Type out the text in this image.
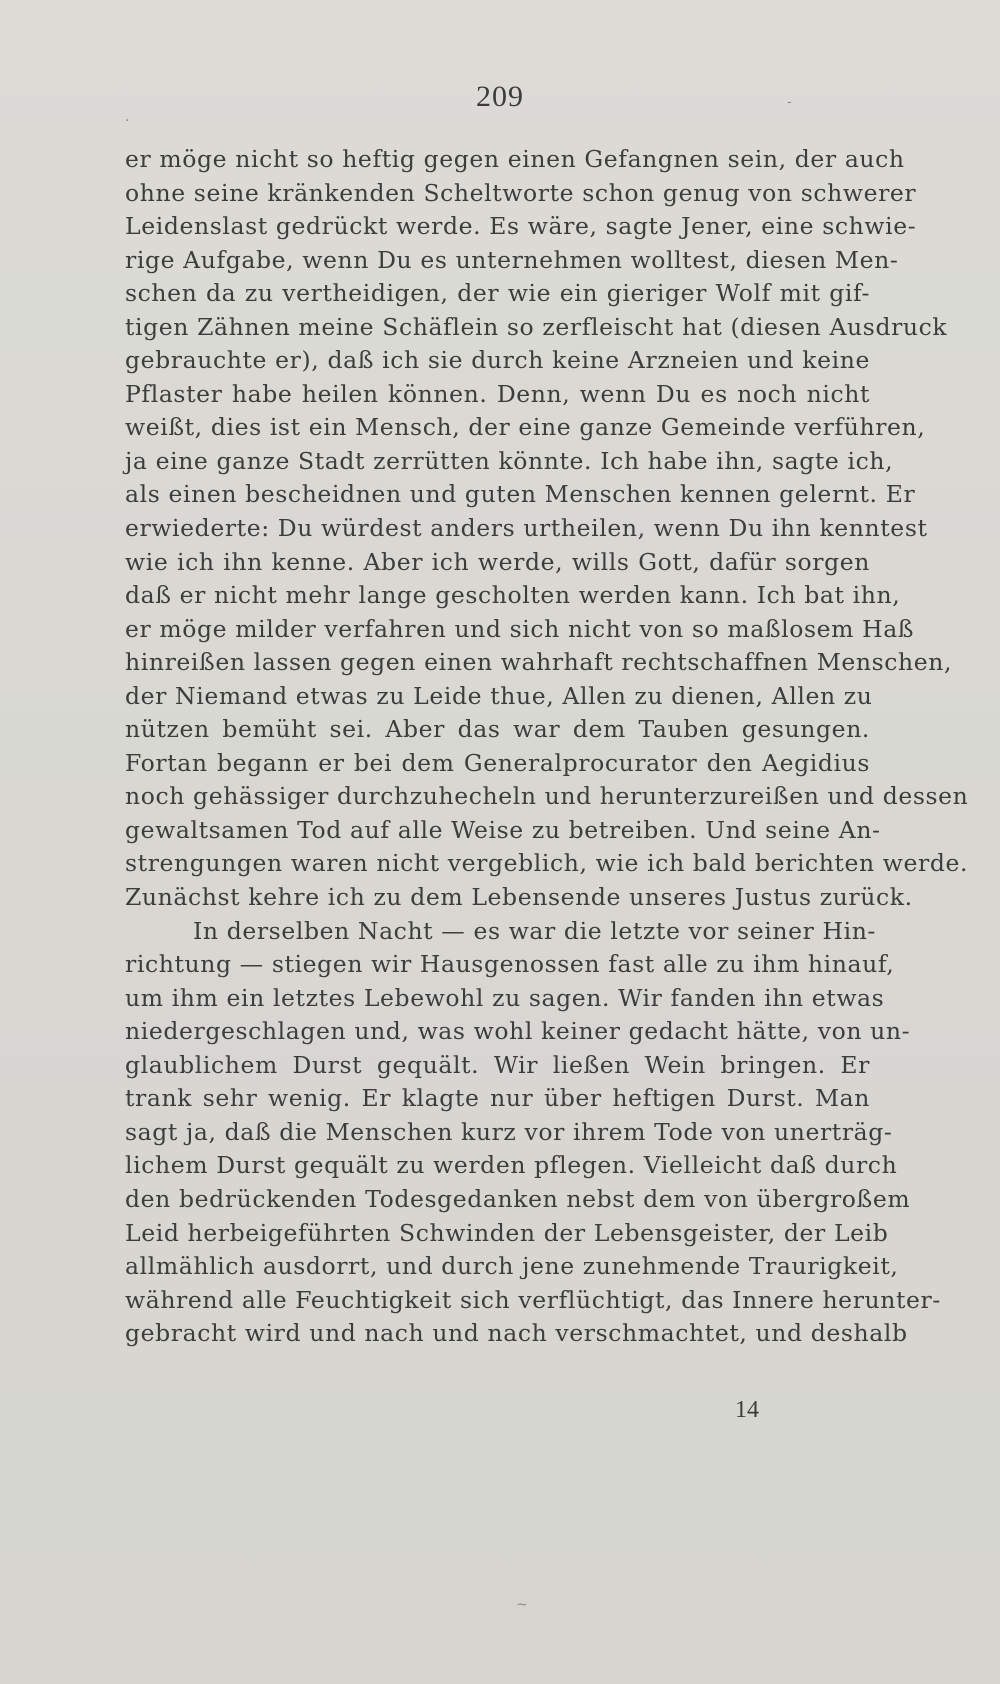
209
er möge nicht so heftig gegen einen Gefangnen sein, der auch
ohne seine kränkenden Scheltworte schon genug von schwerer
Leidenslast gedrückt werde. Es wäre, sagte Jener, eine schwie-
rige Aufgabe, wenn Du es unternehmen wolltest, diesen Men-
schen da zu vertheidigen, der wie ein gieriger Wolf mit gif-
tigen Zähnen meine Schäflein so zerfleischt hat (diesen Ausdruck
gebrauchte er), daß ich sie durch keine Arzneien und keine
Pflaster habe heilen können. Denn, wenn Du es noch nicht
weißt, dies ist ein Mensch, der eine ganze Gemeinde verführen,
ja eine ganze Stadt zerrütten könnte. Ich habe ihn, sagte ich,
als einen bescheidnen und guten Menschen kennen gelernt. Er
erwiederte: Du würdest anders urtheilen, wenn Du ihn kenntest
wie ich ihn kenne. Aber ich werde, wills Gott, dafür sorgen
daß er nicht mehr lange gescholten werden kann. Ich bat ihn,
er möge milder verfahren und sich nicht von so maßlosem Haß
hinreißen lassen gegen einen wahrhaft rechtschaffnen Menschen,
der Niemand etwas zu Leide thue, Allen zu dienen, Allen zu
nützen bemüht sei. Aber das war dem Tauben gesungen.
Fortan begann er bei dem Generalprocurator den Aegidius
noch gehässiger durchzuhecheln und herunterzureißen und dessen
gewaltsamen Tod auf alle Weise zu betreiben. Und seine An-
strengungen waren nicht vergeblich, wie ich bald berichten werde.
Zunächst kehre ich zu dem Lebensende unseres Justus zurück.
In derselben Nacht — es war die letzte vor seiner Hin-
richtung — stiegen wir Hausgenossen fast alle zu ihm hinauf,
um ihm ein letztes Lebewohl zu sagen. Wir fanden ihn etwas
niedergeschlagen und, was wohl keiner gedacht hätte, von un-
glaublichem Durst gequält. Wir ließen Wein bringen. Er
trank sehr wenig. Er klagte nur über heftigen Durst. Man
sagt ja, daß die Menschen kurz vor ihrem Tode von unerträg-
lichem Durst gequält zu werden pflegen. Vielleicht daß durch
den bedrückenden Todesgedanken nebst dem von übergroßem
Leid herbeigeführten Schwinden der Lebensgeister, der Leib
allmählich ausdorrt, und durch jene zunehmende Traurigkeit,
während alle Feuchtigkeit sich verflüchtigt, das Innere herunter-
gebracht wird und nach und nach verschmachtet, und deshalb
14
·
-
~
